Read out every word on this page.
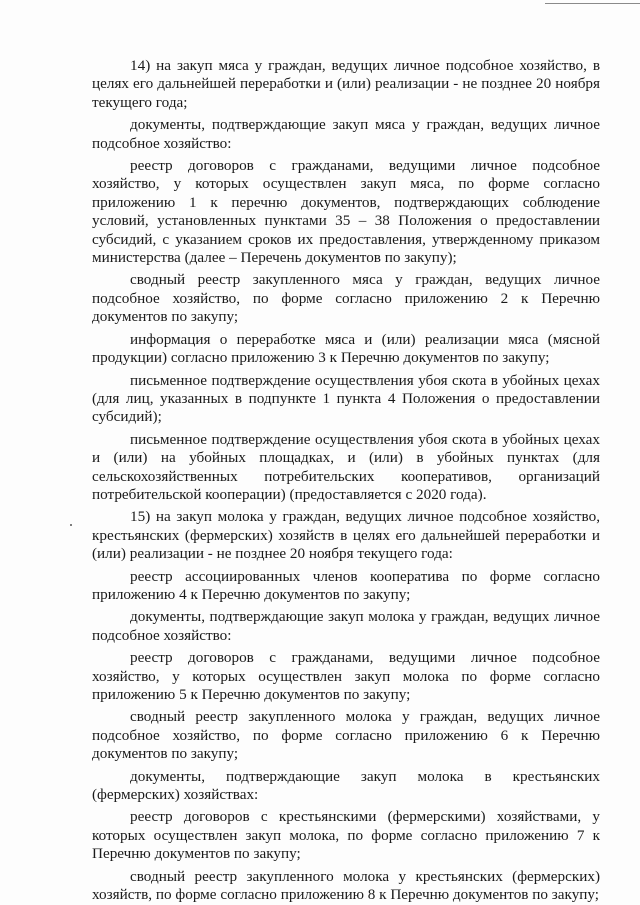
14) на закуп мяса у граждан, ведущих личное подсобное хозяйство, в целях его дальнейшей переработки и (или) реализации - не позднее 20 ноября текущего года;

документы, подтверждающие закуп мяса у граждан, ведущих личное подсобное хозяйство:

реестр договоров с гражданами, ведущими личное подсобное хозяйство, у которых осуществлен закуп мяса, по форме согласно приложению 1 к перечню документов, подтверждающих соблюдение условий, установленных пунктами 35 – 38 Положения о предоставлении субсидий, с указанием сроков их предоставления, утвержденному приказом министерства (далее – Перечень документов по закупу);

сводный реестр закупленного мяса у граждан, ведущих личное подсобное хозяйство, по форме согласно приложению 2 к Перечню документов по закупу;

информация о переработке мяса и (или) реализации мяса (мясной продукции) согласно приложению 3 к Перечню документов по закупу;

письменное подтверждение осуществления убоя скота в убойных цехах (для лиц, указанных в подпункте 1 пункта 4 Положения о предоставлении субсидий);

письменное подтверждение осуществления убоя скота в убойных цехах и (или) на убойных площадках, и (или) в убойных пунктах (для сельскохозяйственных потребительских кооперативов, организаций потребительской кооперации) (предоставляется с 2020 года).

15) на закуп молока у граждан, ведущих личное подсобное хозяйство, крестьянских (фермерских) хозяйств в целях его дальнейшей переработки и (или) реализации - не позднее 20 ноября текущего года:

реестр ассоциированных членов кооператива по форме согласно приложению 4 к Перечню документов по закупу;

документы, подтверждающие закуп молока у граждан, ведущих личное подсобное хозяйство:

реестр договоров с гражданами, ведущими личное подсобное хозяйство, у которых осуществлен закуп молока по форме согласно приложению 5 к Перечню документов по закупу;

сводный реестр закупленного молока у граждан, ведущих личное подсобное хозяйство, по форме согласно приложению 6 к Перечню документов по закупу;

документы, подтверждающие закуп молока в крестьянских (фермерских) хозяйствах:

реестр договоров с крестьянскими (фермерскими) хозяйствами, у которых осуществлен закуп молока, по форме согласно приложению 7 к Перечню документов по закупу;

сводный реестр закупленного молока у крестьянских (фермерских) хозяйств, по форме согласно приложению 8 к Перечню документов по закупу;
